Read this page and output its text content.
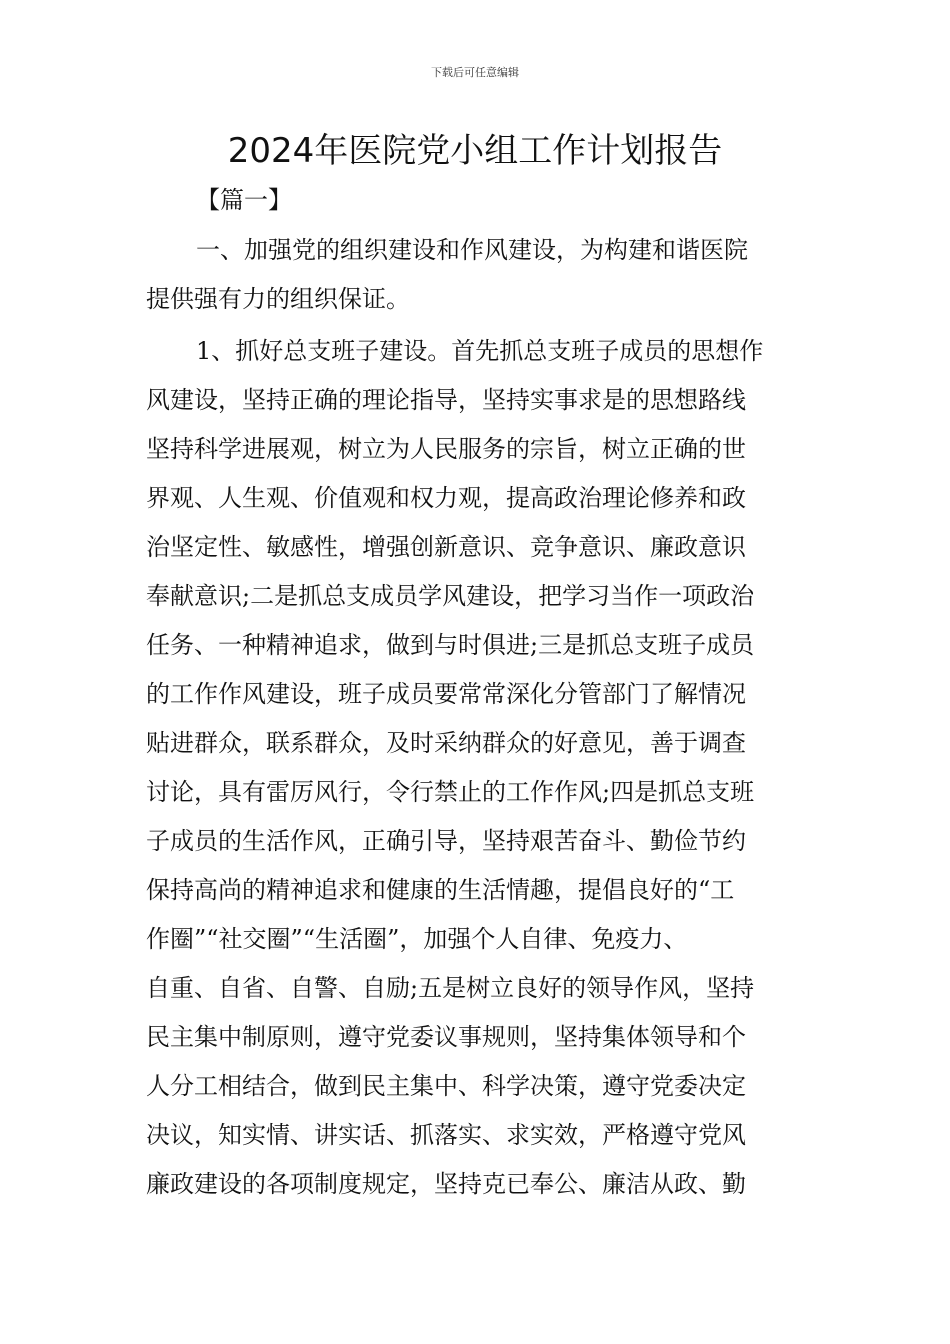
下载后可任意编辑
2024年医院党小组工作计划报告
【篇一】
一、加强党的组织建设和作风建设，为构建和谐医院
提供强有力的组织保证。
1、抓好总支班子建设。首先抓总支班子成员的思想作
风建设，坚持正确的理论指导，坚持实事求是的思想路线
坚持科学进展观，树立为人民服务的宗旨，树立正确的世
界观、人生观、价值观和权力观，提高政治理论修养和政
治坚定性、敏感性，增强创新意识、竞争意识、廉政意识
奉献意识;二是抓总支成员学风建设，把学习当作一项政治
任务、一种精神追求，做到与时俱进;三是抓总支班子成员
的工作作风建设，班子成员要常常深化分管部门了解情况
贴进群众，联系群众，及时采纳群众的好意见，善于调查
讨论，具有雷厉风行，令行禁止的工作作风;四是抓总支班
子成员的生活作风，正确引导，坚持艰苦奋斗、勤俭节约
保持高尚的精神追求和健康的生活情趣，提倡良好的“工
作圈”“社交圈”“生活圈”，加强个人自律、免疫力、
自重、自省、自警、自励;五是树立良好的领导作风，坚持
民主集中制原则，遵守党委议事规则，坚持集体领导和个
人分工相结合，做到民主集中、科学决策，遵守党委决定
决议，知实情、讲实话、抓落实、求实效，严格遵守党风
廉政建设的各项制度规定，坚持克已奉公、廉洁从政、勤
